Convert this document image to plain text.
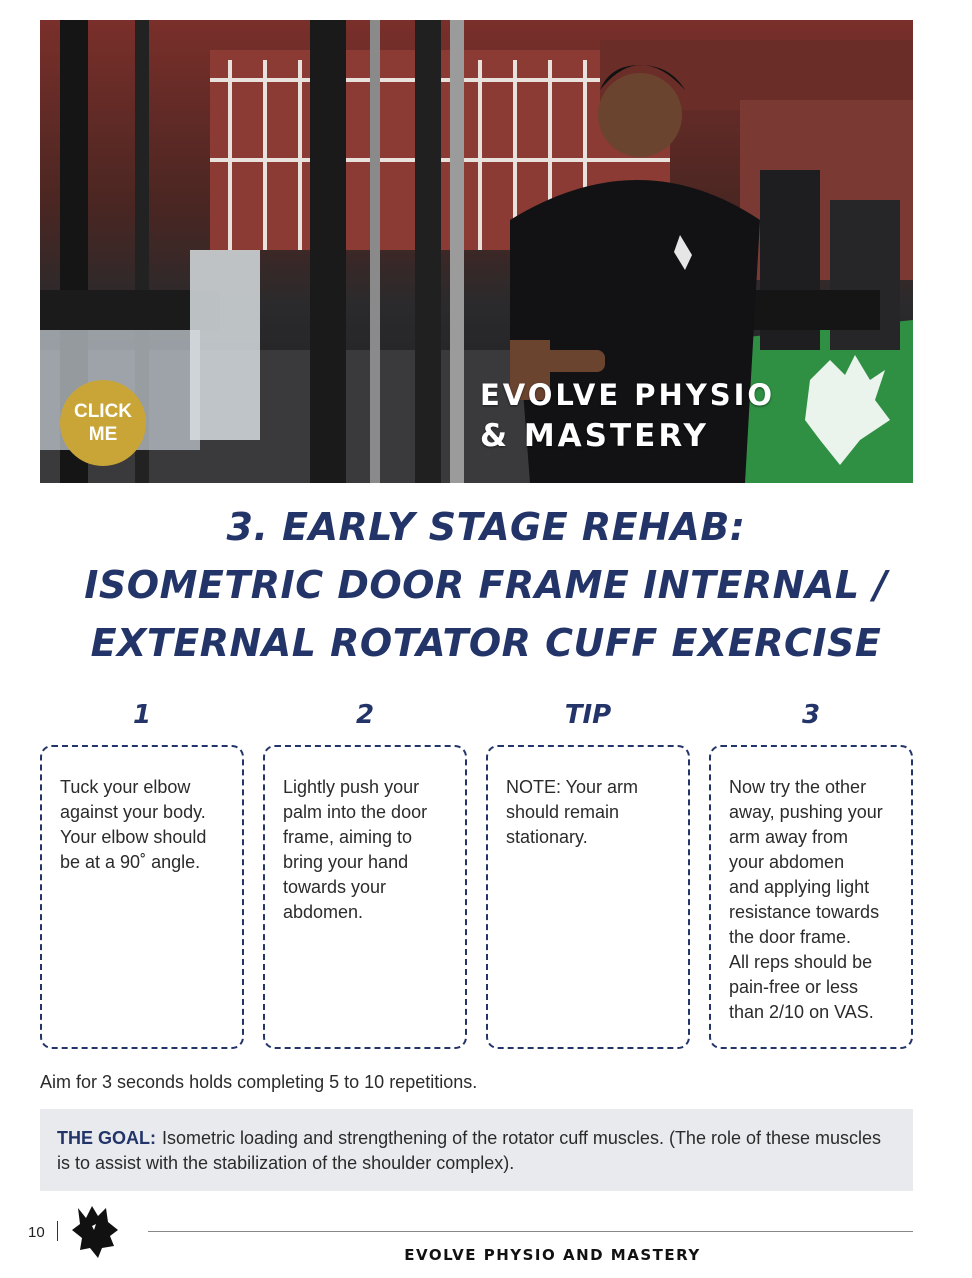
CLICK
ME
EVOLVE PHYSIO
& MASTERY
3. EARLY STAGE REHAB:
ISOMETRIC DOOR FRAME INTERNAL /
EXTERNAL ROTATOR CUFF EXERCISE
1
Tuck your elbow
against your body.
Your elbow should
be at a 90˚ angle.
2
Lightly push your
palm into the door
frame, aiming to
bring your hand
towards your
abdomen.
TIP
NOTE: Your arm
should remain
stationary.
3
Now try the other
away, pushing your
arm away from
your abdomen
and applying light
resistance towards
the door frame.
All reps should be
pain-free or less
than 2/10 on VAS.
Aim for 3 seconds holds completing 5 to 10 repetitions.
THE GOAL: Isometric loading and strengthening of the rotator cuff muscles. (The role of these muscles
is to assist with the stabilization of the shoulder complex).
10
EVOLVE PHYSIO AND MASTERY
